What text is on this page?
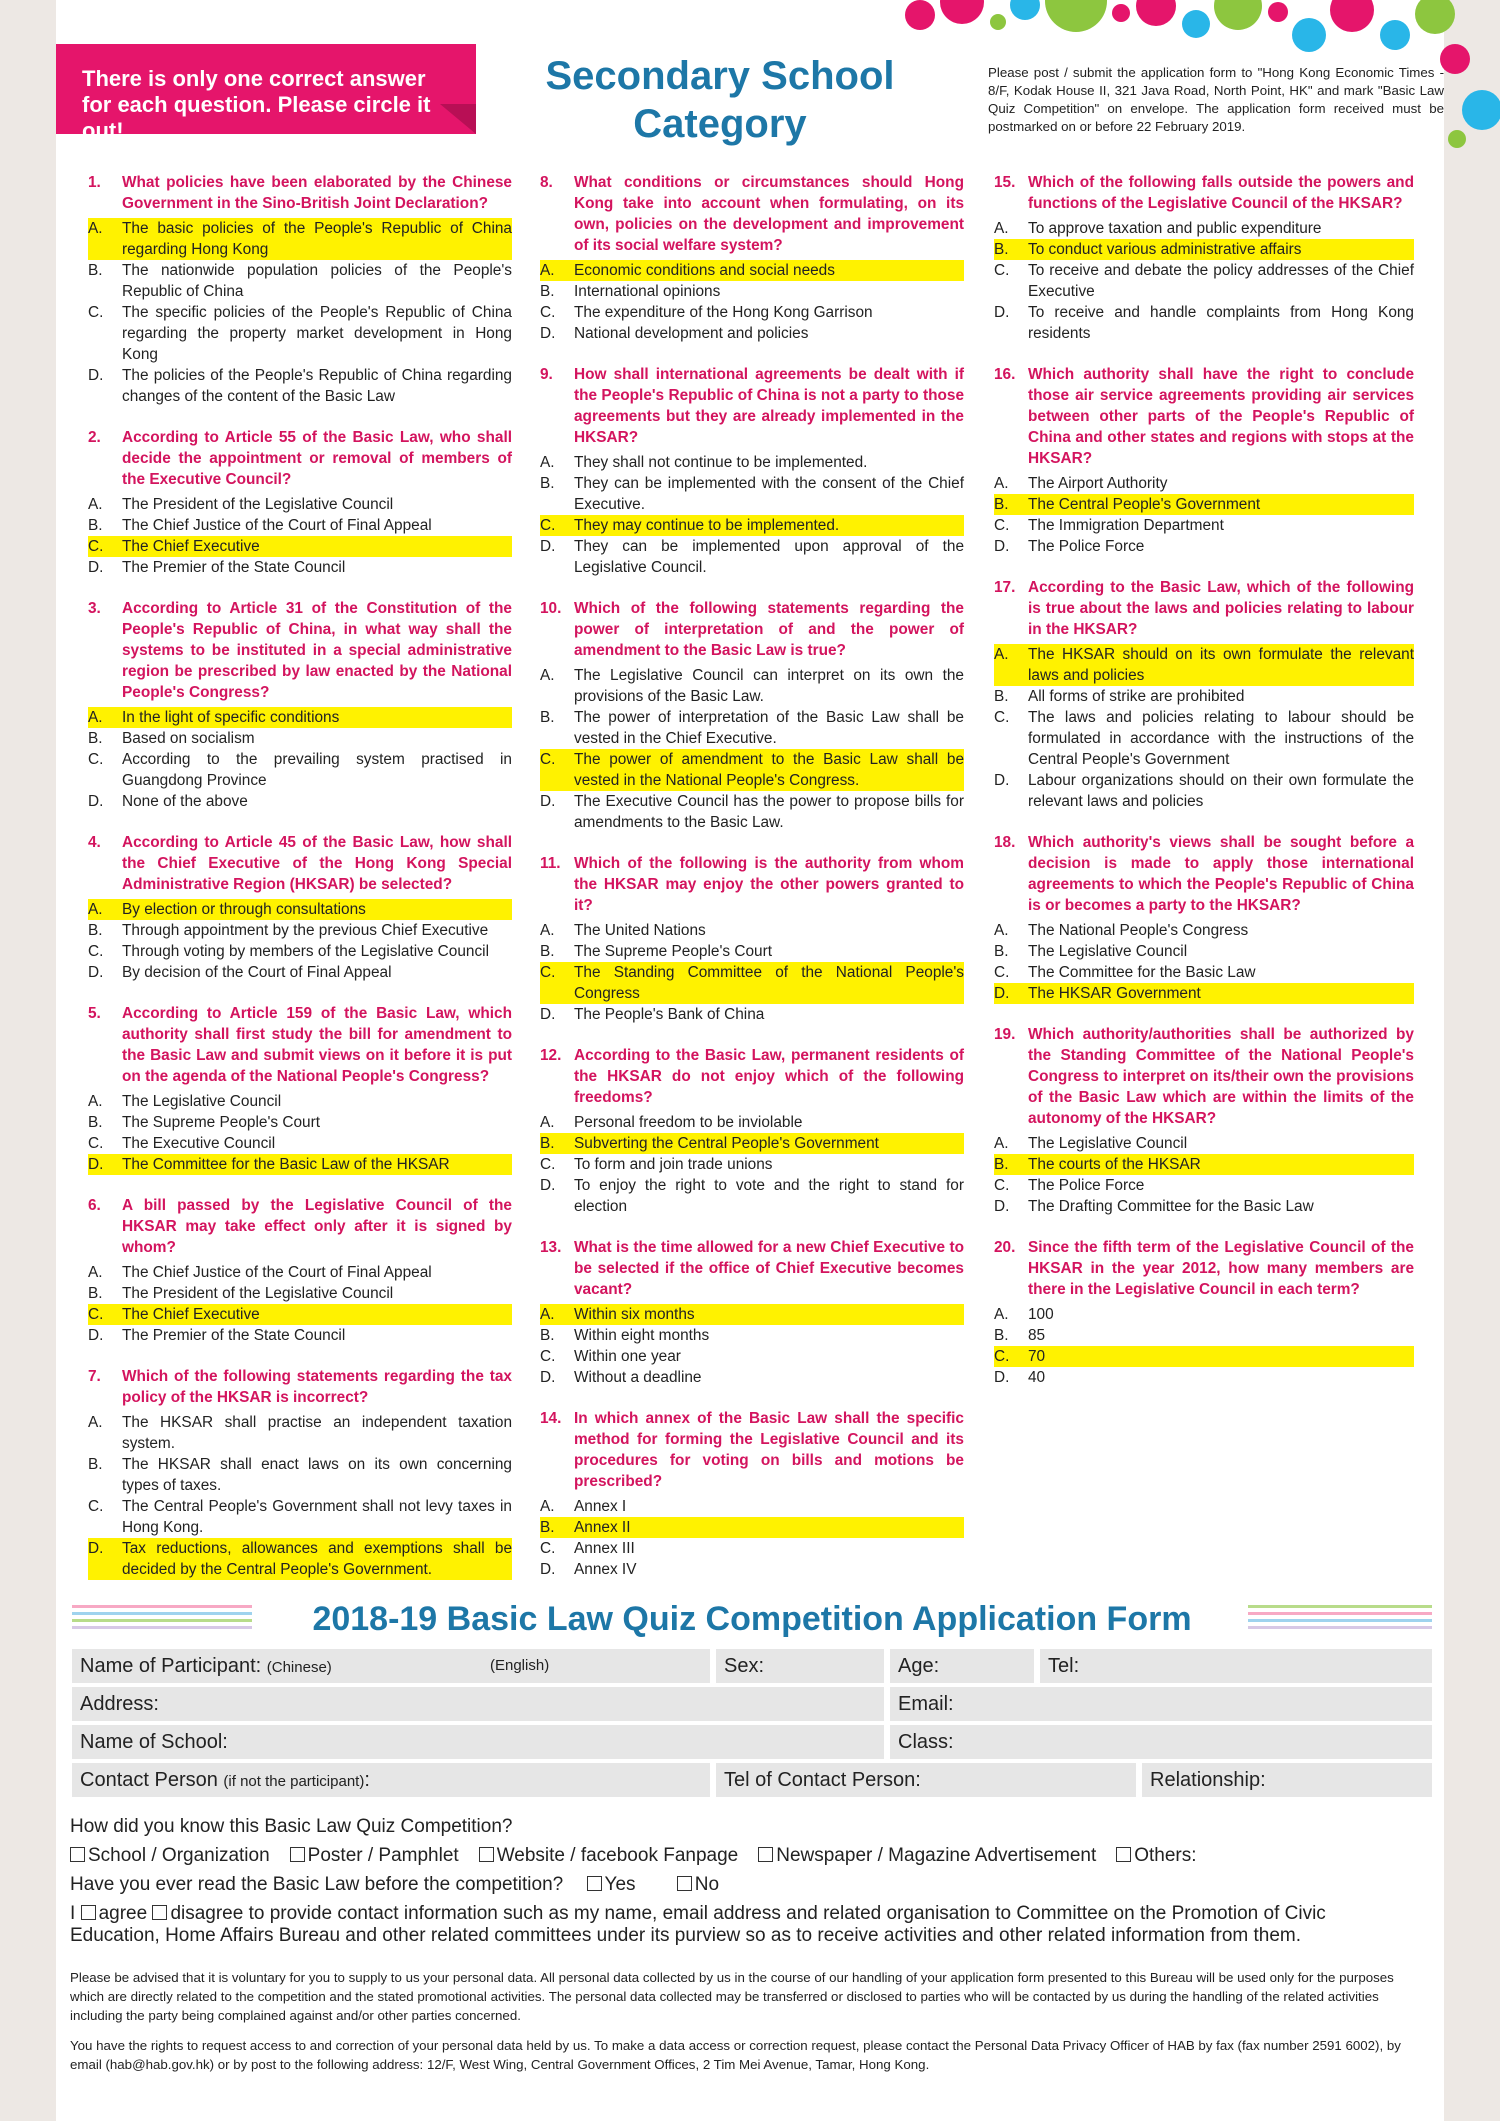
There is only one correct answer for each question. Please circle it out!
Secondary School Category
Please post / submit the application form to "Hong Kong Economic Times - 8/F, Kodak House II, 321 Java Road, North Point, HK" and mark "Basic Law Quiz Competition" on envelope. The application form received must be postmarked on or before 22 February 2019.
1.	What policies have been elaborated by the Chinese Government in the Sino-British Joint Declaration?
A.	The basic policies of the People's Republic of China regarding Hong Kong
B.	The nationwide population policies of the People's Republic of China
C.	The specific policies of the People's Republic of China regarding the property market development in Hong Kong
D.	The policies of the People's Republic of China regarding changes of the content of the Basic Law
2.	According to Article 55 of the Basic Law, who shall decide the appointment or removal of members of the Executive Council?
A.	The President of the Legislative Council
B.	The Chief Justice of the Court of Final Appeal
C.	The Chief Executive
D.	The Premier of the State Council
3.	According to Article 31 of the Constitution of the People's Republic of China, in what way shall the systems to be instituted in a special administrative region be prescribed by law enacted by the National People's Congress?
A.	In the light of specific conditions
B.	Based on socialism
C.	According to the prevailing system practised in Guangdong Province
D.	None of the above
4.	According to Article 45 of the Basic Law, how shall the Chief Executive of the Hong Kong Special Administrative Region (HKSAR) be selected?
A.	By election or through consultations
B.	Through appointment by the previous Chief Executive
C.	Through voting by members of the Legislative Council
D.	By decision of the Court of Final Appeal
5.	According to Article 159 of the Basic Law, which authority shall first study the bill for amendment to the Basic Law and submit views on it before it is put on the agenda of the National People's Congress?
A.	The Legislative Council
B.	The Supreme People's Court
C.	The Executive Council
D.	The Committee for the Basic Law of the HKSAR
6.	A bill passed by the Legislative Council of the HKSAR may take effect only after it is signed by whom?
A.	The Chief Justice of the Court of Final Appeal
B.	The President of the Legislative Council
C.	The Chief Executive
D.	The Premier of the State Council
7.	Which of the following statements regarding the tax policy of the HKSAR is incorrect?
A.	The HKSAR shall practise an independent taxation system.
B.	The HKSAR shall enact laws on its own concerning types of taxes.
C.	The Central People's Government shall not levy taxes in Hong Kong.
D.	Tax reductions, allowances and exemptions shall be decided by the Central People's Government.
8.	What conditions or circumstances should Hong Kong take into account when formulating, on its own, policies on the development and improvement of its social welfare system?
A.	Economic conditions and social needs
B.	International opinions
C.	The expenditure of the Hong Kong Garrison
D.	National development and policies
9.	How shall international agreements be dealt with if the People's Republic of China is not a party to those agreements but they are already implemented in the HKSAR?
A.	They shall not continue to be implemented.
B.	They can be implemented with the consent of the Chief Executive.
C.	They may continue to be implemented.
D.	They can be implemented upon approval of the Legislative Council.
10. Which of the following statements regarding the power of interpretation of and the power of amendment to the Basic Law is true?
A.	The Legislative Council can interpret on its own the provisions of the Basic Law.
B.	The power of interpretation of the Basic Law shall be vested in the Chief Executive.
C.	The power of amendment to the Basic Law shall be vested in the National People's Congress.
D.	The Executive Council has the power to propose bills for amendments to the Basic Law.
11. Which of the following is the authority from whom the HKSAR may enjoy the other powers granted to it?
A.	The United Nations
B.	The Supreme People's Court
C.	The Standing Committee of the National People's Congress
D.	The People's Bank of China
12. According to the Basic Law, permanent residents of the HKSAR do not enjoy which of the following freedoms?
A.	Personal freedom to be inviolable
B.	Subverting the Central People's Government
C.	To form and join trade unions
D.	To enjoy the right to vote and the right to stand for election
13. What is the time allowed for a new Chief Executive to be selected if the office of Chief Executive becomes vacant?
A.	Within six months
B.	Within eight months
C.	Within one year
D.	Without a deadline
14. In which annex of the Basic Law shall the specific method for forming the Legislative Council and its procedures for voting on bills and motions be prescribed?
A.	Annex I
B.	Annex II
C.	Annex III
D.	Annex IV
15. Which of the following falls outside the powers and functions of the Legislative Council of the HKSAR?
A.	To approve taxation and public expenditure
B.	To conduct various administrative affairs
C.	To receive and debate the policy addresses of the Chief Executive
D.	To receive and handle complaints from Hong Kong residents
16. Which authority shall have the right to conclude those air service agreements providing air services between other parts of the People's Republic of China and other states and regions with stops at the HKSAR?
A.	The Airport Authority
B.	The Central People's Government
C.	The Immigration Department
D.	The Police Force
17. According to the Basic Law, which of the following is true about the laws and policies relating to labour in the HKSAR?
A.	The HKSAR should on its own formulate the relevant laws and policies
B.	All forms of strike are prohibited
C.	The laws and policies relating to labour should be formulated in accordance with the instructions of the Central People's Government
D.	Labour organizations should on their own formulate the relevant laws and policies
18. Which authority's views shall be sought before a decision is made to apply those international agreements to which the People's Republic of China is or becomes a party to the HKSAR?
A.	The National People's Congress
B.	The Legislative Council
C.	The Committee for the Basic Law
D.	The HKSAR Government
19. Which authority/authorities shall be authorized by the Standing Committee of the National People's Congress to interpret on its/their own the provisions of the Basic Law which are within the limits of the autonomy of the HKSAR?
A.	The Legislative Council
B.	The courts of the HKSAR
C.	The Police Force
D.	The Drafting Committee for the Basic Law
20. Since the fifth term of the Legislative Council of the HKSAR in the year 2012, how many members are there in the Legislative Council in each term?
A.	100
B.	85
C.	70
D.	40
2018-19 Basic Law Quiz Competition Application Form
Name of Participant: (Chinese)	(English)	Sex:	Age:	Tel:
Address:	Email:
Name of School:	Class:
Contact Person (if not the participant):	Tel of Contact Person:	Relationship:
How did you know this Basic Law Quiz Competition?
School / Organization Poster / Pamphlet Website / facebook Fanpage Newspaper / Magazine Advertisement Others:
Have you ever read the Basic Law before the competition? Yes	No
I agree disagree to provide contact information such as my name, email address and related organisation to Committee on the Promotion of Civic Education, Home Affairs Bureau and other related committees under its purview so as to receive activities and other related information from them.
Please be advised that it is voluntary for you to supply to us your personal data. All personal data collected by us in the course of our handling of your application form presented to this Bureau will be used only for the purposes which are directly related to the competition and the stated promotional activities. The personal data collected may be transferred or disclosed to parties who will be contacted by us during the handling of the related activities including the party being complained against and/or other parties concerned.
You have the rights to request access to and correction of your personal data held by us. To make a data access or correction request, please contact the Personal Data Privacy Officer of HAB by fax (fax number 2591 6002), by email (hab@hab.gov.hk) or by post to the following address: 12/F, West Wing, Central Government Offices, 2 Tim Mei Avenue, Tamar, Hong Kong.
